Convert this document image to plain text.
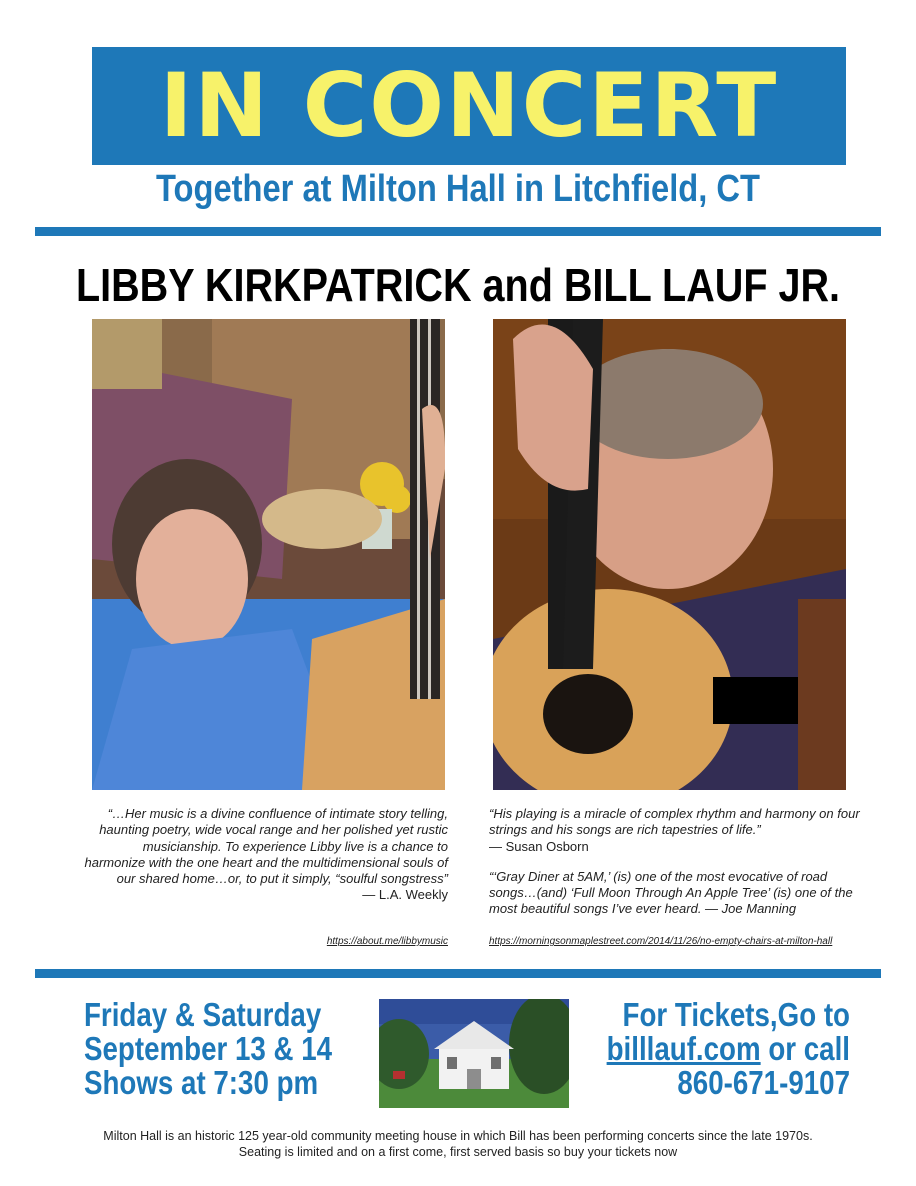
IN CONCERT
Together at Milton Hall in Litchfield, CT
LIBBY KIRKPATRICK and BILL LAUF JR.
“…Her music is a divine confluence of intimate story telling, haunting poetry, wide vocal range and her polished yet rustic musicianship. To experience Libby live is a chance to harmonize with the one heart and the multidimensional souls of our shared home…or, to put it simply, “soulful songstress”
— L.A. Weekly
https://about.me/libbymusic
“His playing is a miracle of complex rhythm and harmony on four strings and his songs are rich tapestries of life.”
— Susan Osborn
“‘Gray Diner at 5AM,’ (is) one of the most evocative of road songs…(and) ‘Full Moon Through An Apple Tree’ (is) one of the most beautiful songs I’ve ever heard. — Joe Manning
https://morningsonmaplestreet.com/2014/11/26/no-empty-chairs-at-milton-hall
Friday & Saturday
September 13 & 14
Shows at 7:30 pm
For Tickets,Go to
billlauf.com or call
860-671-9107
Milton Hall is an historic 125 year-old community meeting house in which Bill has been performing concerts since the late 1970s. Seating is limited and on a first come, first served basis so buy your tickets now
